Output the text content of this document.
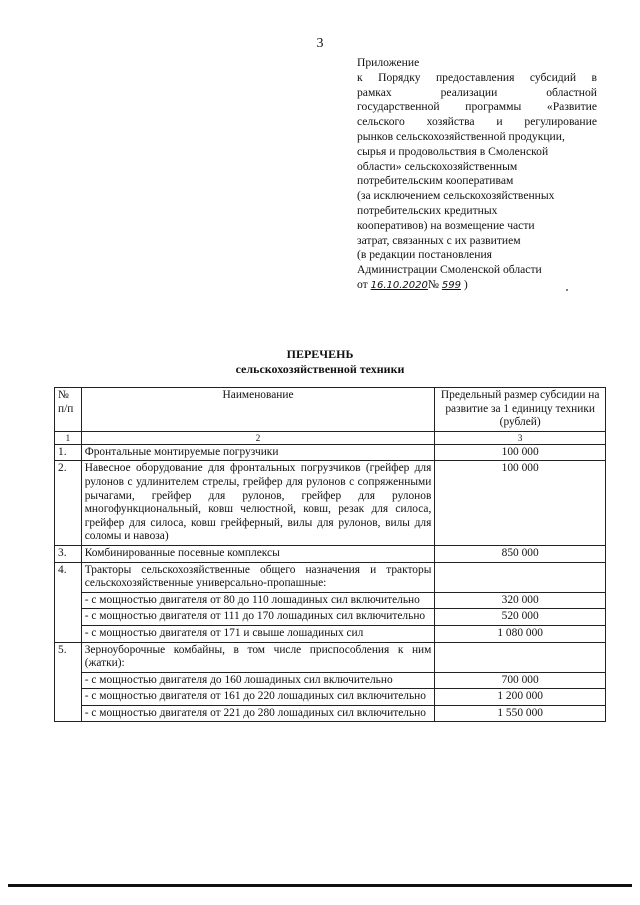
3
Приложение
к Порядку предоставления субсидий в
рамках реализации областной
государственной программы «Развитие
сельского хозяйства и регулирование
рынков сельскохозяйственной продукции,
сырья и продовольствия в Смоленской
области» сельскохозяйственным
потребительским кооперативам
(за исключением сельскохозяйственных
потребительских кредитных
кооперативов) на возмещение части
затрат, связанных с их развитием
(в редакции постановления
Администрации Смоленской области
от 16.10.2020№ 599 )
ПЕРЕЧЕНЬ
сельскохозяйственной техники
№ п/п	Наименование	Предельный размер субсидии на развитие за 1 единицу техники (рублей)
1	2	3
1.	Фронтальные монтируемые погрузчики	100 000
2.	Навесное оборудование для фронтальных погрузчиков (грейфер для рулонов с удлинителем стрелы, грейфер для рулонов с сопряженными рычагами, грейфер для рулонов, грейфер для рулонов многофункциональный, ковш челюстной, ковш, резак для силоса, грейфер для силоса, ковш грейферный, вилы для рулонов, вилы для соломы и навоза)	100 000
3.	Комбинированные посевные комплексы	850 000
4.	Тракторы сельскохозяйственные общего назначения и тракторы сельскохозяйственные универсально-пропашные:	
	- с мощностью двигателя от 80 до 110 лошадиных сил включительно	320 000
	- с мощностью двигателя от 111 до 170 лошадиных сил включительно	520 000
	- с мощностью двигателя от 171 и свыше лошадиных сил	1 080 000
5.	Зерноуборочные комбайны, в том числе приспособления к ним (жатки):	
	- с мощностью двигателя до 160 лошадиных сил включительно	700 000
	- с мощностью двигателя от 161 до 220 лошадиных сил включительно	1 200 000
	- с мощностью двигателя от 221 до 280 лошадиных сил включительно	1 550 000
